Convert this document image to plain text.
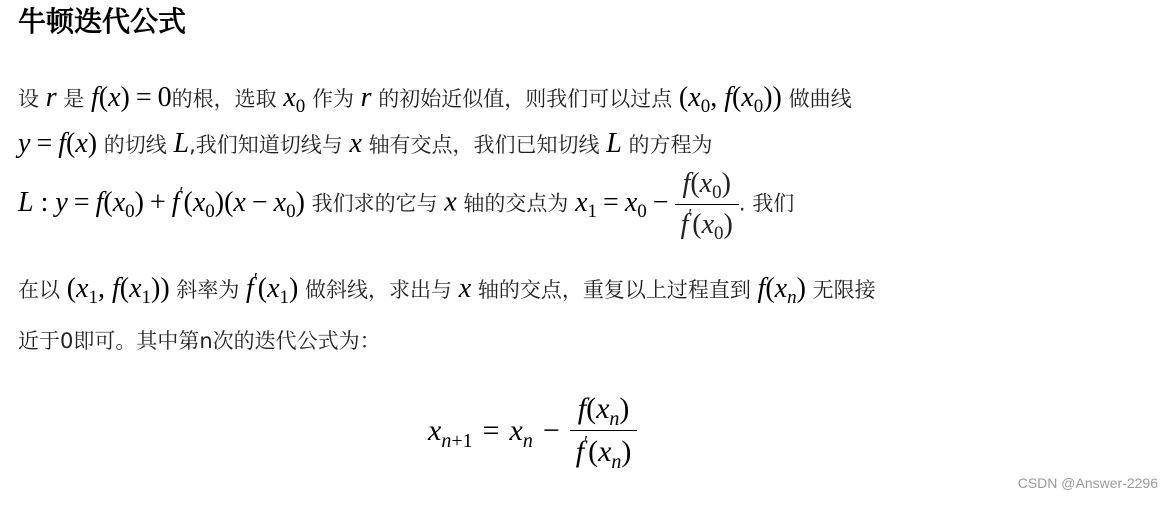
牛顿迭代公式
设 r 是 f(x) = 0的根，选取 $x_0$ 作为 r 的初始近似值，则我们可以过点 ($x_0$, $f(x_0)$) 做曲线
y = f(x) 的切线 L,我们知道切线与 x 轴有交点，我们已知切线 L 的方程为
L : $y = f(x_0) + f'(x_0)(x - x_0)$ 我们求的它与 x 轴的交点为 $x_1 = x_0 - \frac{f(x_0)}{f'(x_0)}$ . 我们
在以 ($x_1$, $f(x_1)$) 斜率为 $f'(x_1)$ 做斜线，求出与 x 轴的交点，重复以上过程直到 $f(x_n)$ 无限接
近于0即可。其中第n次的迭代公式为：
$x_{n+1} = x_n - \frac{f(x_n)}{f'(x_n)}$
CSDN @Answer-2296
